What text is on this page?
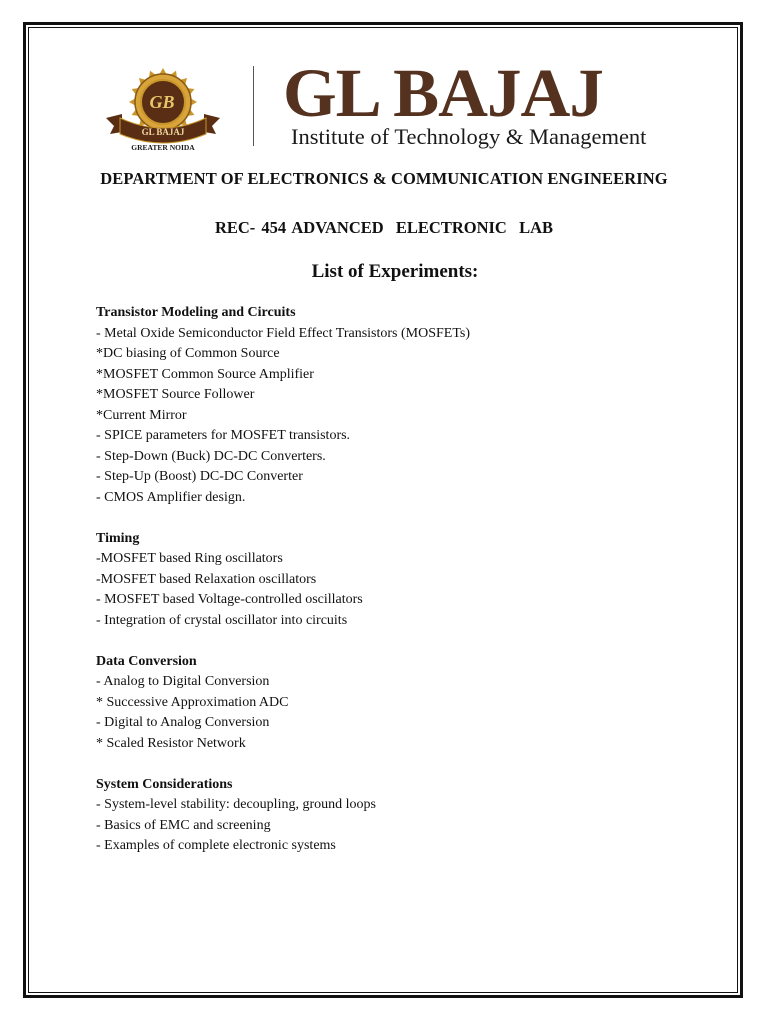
GB
GL BAJAJ
GREATER NOIDA
GL BAJAJ
Institute of Technology & Management
DEPARTMENT OF ELECTRONICS & COMMUNICATION ENGINEERING
REC- 454 ADVANCED  ELECTRONIC  LAB
List of Experiments:
Transistor Modeling and Circuits
- Metal Oxide Semiconductor Field Effect Transistors (MOSFETs)
*DC biasing of Common Source
*MOSFET Common Source Amplifier
*MOSFET Source Follower
*Current Mirror
- SPICE parameters for MOSFET transistors.
- Step-Down (Buck) DC-DC Converters.
- Step-Up (Boost) DC-DC Converter
- CMOS Amplifier design.
Timing
-MOSFET based Ring oscillators
-MOSFET based Relaxation oscillators
- MOSFET based Voltage-controlled oscillators
- Integration of crystal oscillator into circuits
Data Conversion
- Analog to Digital Conversion
* Successive Approximation ADC
- Digital to Analog Conversion
* Scaled Resistor Network
System Considerations
- System-level stability: decoupling, ground loops
- Basics of EMC and screening
- Examples of complete electronic systems
